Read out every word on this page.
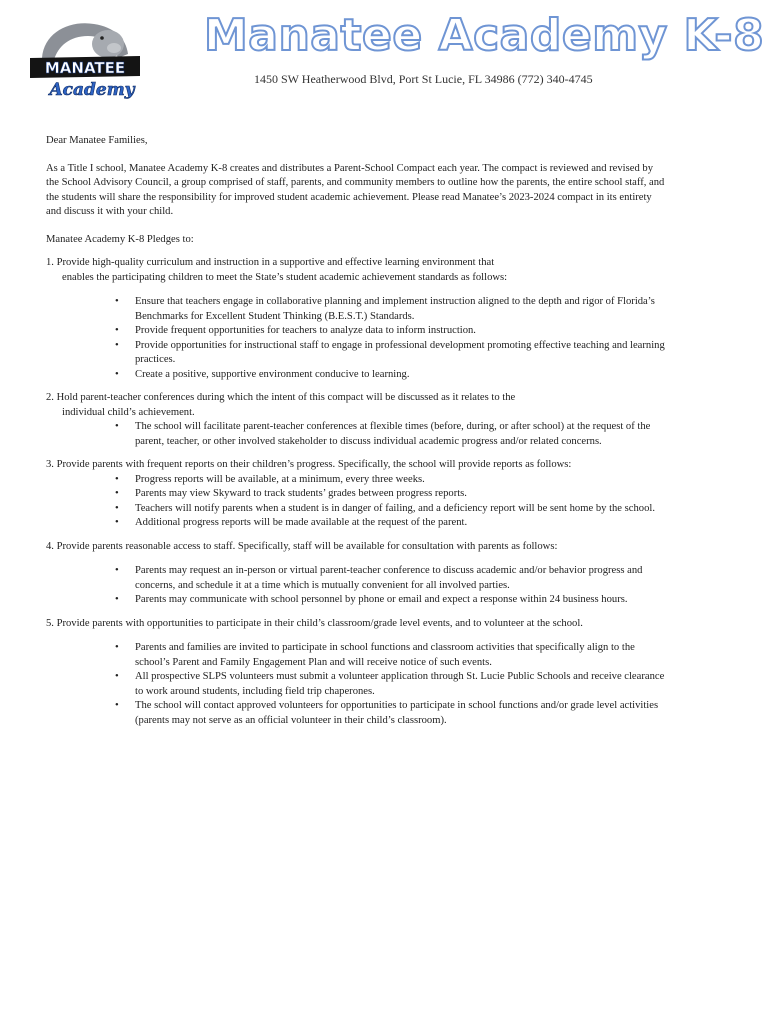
MANATEE
Academy
Manatee Academy K-8
1450 SW Heatherwood Blvd, Port St Lucie, FL 34986 (772) 340-4745

Dear Manatee Families,

As a Title I school, Manatee Academy K-8 creates and distributes a Parent-School Compact each year. The compact is reviewed and revised by the School Advisory Council, a group comprised of staff, parents, and community members to outline how the parents, the entire school staff, and the students will share the responsibility for improved student academic achievement. Please read Manatee’s 2023-2024 compact in its entirety and discuss it with your child.

Manatee Academy K-8 Pledges to:

1. Provide high-quality curriculum and instruction in a supportive and effective learning environment that

enables the participating children to meet the State’s student academic achievement standards as follows:

• Ensure that teachers engage in collaborative planning and implement instruction aligned to the depth and rigor of Florida’s Benchmarks for Excellent Student Thinking (B.E.S.T.) Standards.
• Provide frequent opportunities for teachers to analyze data to inform instruction.
• Provide opportunities for instructional staff to engage in professional development promoting effective teaching and learning practices.
• Create a positive, supportive environment conducive to learning.

2. Hold parent-teacher conferences during which the intent of this compact will be discussed as it relates to the

individual child’s achievement.

• The school will facilitate parent-teacher conferences at flexible times (before, during, or after school) at the request of the parent, teacher, or other involved stakeholder to discuss individual academic progress and/or related concerns.

3. Provide parents with frequent reports on their children’s progress. Specifically, the school will provide reports as follows:

• Progress reports will be available, at a minimum, every three weeks.
• Parents may view Skyward to track students’ grades between progress reports.
• Teachers will notify parents when a student is in danger of failing, and a deficiency report will be sent home by the school.
• Additional progress reports will be made available at the request of the parent.

4. Provide parents reasonable access to staff. Specifically, staff will be available for consultation with parents as follows:

• Parents may request an in-person or virtual parent-teacher conference to discuss academic and/or behavior progress and concerns, and schedule it at a time which is mutually convenient for all involved parties.
• Parents may communicate with school personnel by phone or email and expect a response within 24 business hours.

5. Provide parents with opportunities to participate in their child’s classroom/grade level events, and to volunteer at the school.

• Parents and families are invited to participate in school functions and classroom activities that specifically align to the school’s Parent and Family Engagement Plan and will receive notice of such events.
• All prospective SLPS volunteers must submit a volunteer application through St. Lucie Public Schools and receive clearance to work around students, including field trip chaperones.
• The school will contact approved volunteers for opportunities to participate in school functions and/or grade level activities (parents may not serve as an official volunteer in their child’s classroom).
